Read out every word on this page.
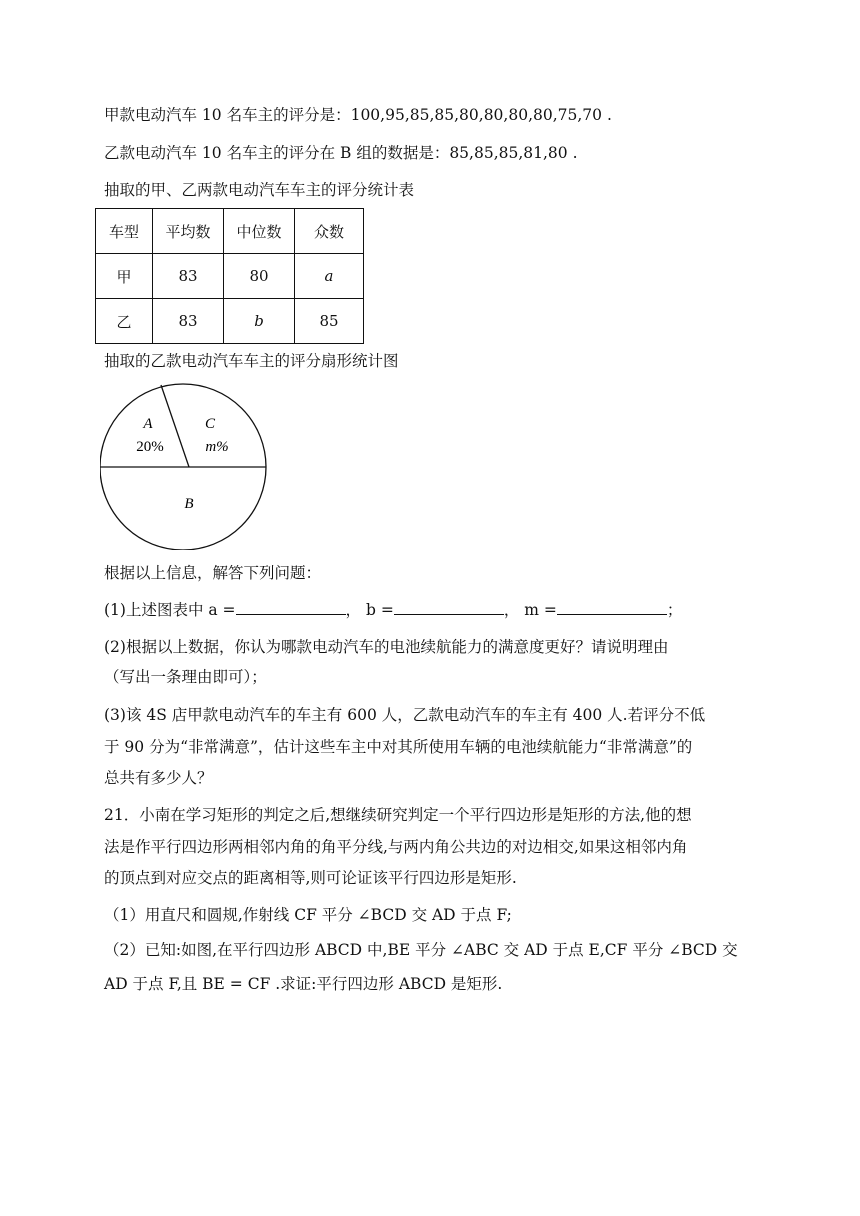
甲款电动汽车 10 名车主的评分是：100,95,85,85,80,80,80,80,75,70 .
乙款电动汽车 10 名车主的评分在 B 组的数据是：85,85,85,81,80 .
抽取的甲、乙两款电动汽车车主的评分统计表
车型	平均数	中位数	众数
甲	83	80	a
乙	83	b	85
抽取的乙款电动汽车车主的评分扇形统计图
A
20%
C
m%
B
根据以上信息，解答下列问题：
(1)上述图表中 a =	， b =	， m =	；
(2)根据以上数据，你认为哪款电动汽车的电池续航能力的满意度更好？请说明理由
（写出一条理由即可）；
(3)该 4S 店甲款电动汽车的车主有 600 人，乙款电动汽车的车主有 400 人.若评分不低
于 90 分为“非常满意”，估计这些车主中对其所使用车辆的电池续航能力“非常满意”的
总共有多少人？
21．小南在学习矩形的判定之后,想继续研究判定一个平行四边形是矩形的方法,他的想
法是作平行四边形两相邻内角的角平分线,与两内角公共边的对边相交,如果这相邻内角
的顶点到对应交点的距离相等,则可论证该平行四边形是矩形.
（1）用直尺和圆规,作射线 CF 平分 ∠BCD 交 AD 于点 F;
（2）已知:如图,在平行四边形 ABCD 中,BE 平分 ∠ABC 交 AD 于点 E,CF 平分 ∠BCD 交
AD 于点 F,且 BE = CF .求证:平行四边形 ABCD 是矩形.
